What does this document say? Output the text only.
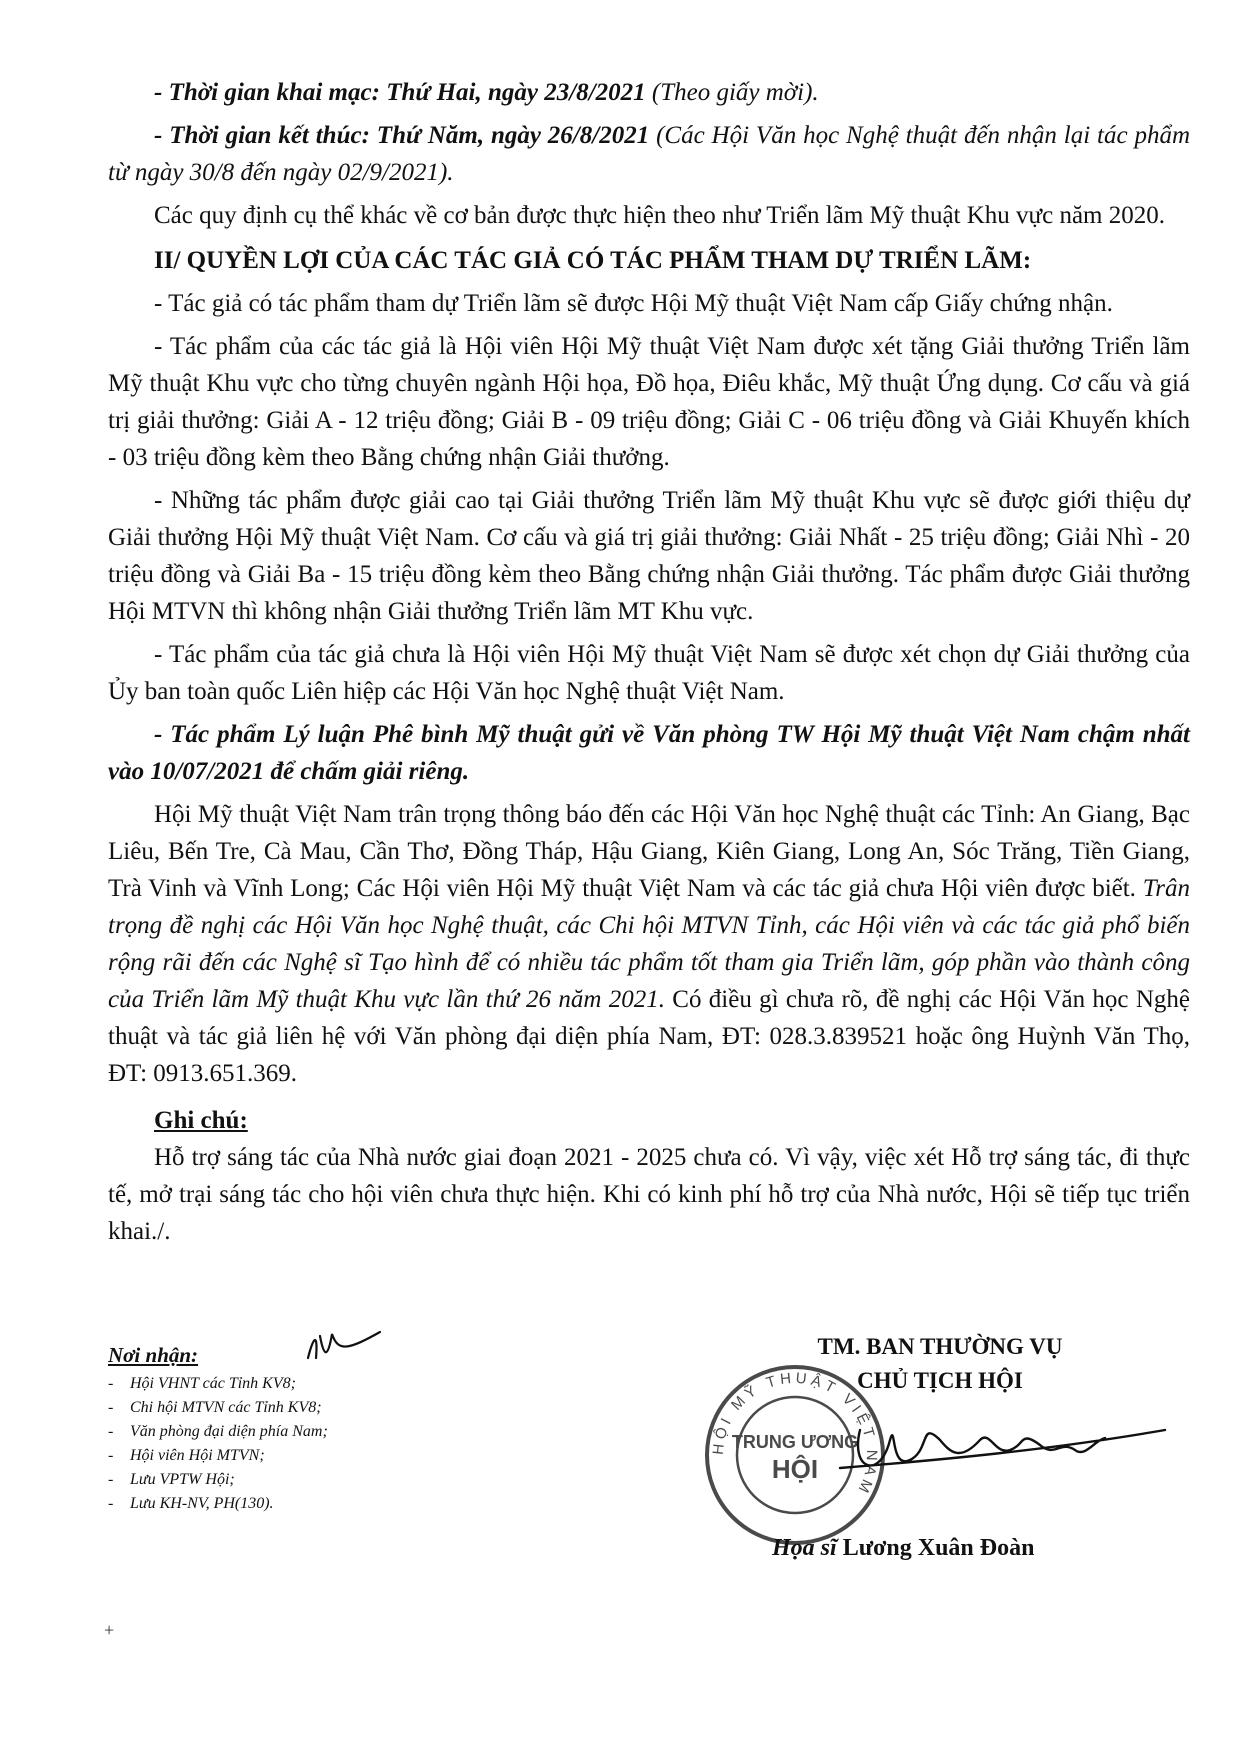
- Thời gian khai mạc: Thứ Hai, ngày 23/8/2021 (Theo giấy mời).

- Thời gian kết thúc: Thứ Năm, ngày 26/8/2021 (Các Hội Văn học Nghệ thuật đến nhận lại tác phẩm từ ngày 30/8 đến ngày 02/9/2021).

Các quy định cụ thể khác về cơ bản được thực hiện theo như Triển lãm Mỹ thuật Khu vực năm 2020.

II/ QUYỀN LỢI CỦA CÁC TÁC GIẢ CÓ TÁC PHẨM THAM DỰ TRIỂN LÃM:

- Tác giả có tác phẩm tham dự Triển lãm sẽ được Hội Mỹ thuật Việt Nam cấp Giấy chứng nhận.

- Tác phẩm của các tác giả là Hội viên Hội Mỹ thuật Việt Nam được xét tặng Giải thưởng Triển lãm Mỹ thuật Khu vực cho từng chuyên ngành Hội họa, Đồ họa, Điêu khắc, Mỹ thuật Ứng dụng. Cơ cấu và giá trị giải thưởng: Giải A - 12 triệu đồng; Giải B - 09 triệu đồng; Giải C - 06 triệu đồng và Giải Khuyến khích - 03 triệu đồng kèm theo Bằng chứng nhận Giải thưởng.

- Những tác phẩm được giải cao tại Giải thưởng Triển lãm Mỹ thuật Khu vực sẽ được giới thiệu dự Giải thưởng Hội Mỹ thuật Việt Nam. Cơ cấu và giá trị giải thưởng: Giải Nhất - 25 triệu đồng; Giải Nhì - 20 triệu đồng và Giải Ba - 15 triệu đồng kèm theo Bằng chứng nhận Giải thưởng. Tác phẩm được Giải thưởng Hội MTVN thì không nhận Giải thưởng Triển lãm MT Khu vực.

- Tác phẩm của tác giả chưa là Hội viên Hội Mỹ thuật Việt Nam sẽ được xét chọn dự Giải thưởng của Ủy ban toàn quốc Liên hiệp các Hội Văn học Nghệ thuật Việt Nam.

- Tác phẩm Lý luận Phê bình Mỹ thuật gửi về Văn phòng TW Hội Mỹ thuật Việt Nam chậm nhất vào 10/07/2021 để chấm giải riêng.

Hội Mỹ thuật Việt Nam trân trọng thông báo đến các Hội Văn học Nghệ thuật các Tỉnh: An Giang, Bạc Liêu, Bến Tre, Cà Mau, Cần Thơ, Đồng Tháp, Hậu Giang, Kiên Giang, Long An, Sóc Trăng, Tiền Giang, Trà Vinh và Vĩnh Long; Các Hội viên Hội Mỹ thuật Việt Nam và các tác giả chưa Hội viên được biết. Trân trọng đề nghị các Hội Văn học Nghệ thuật, các Chi hội MTVN Tỉnh, các Hội viên và các tác giả phổ biến rộng rãi đến các Nghệ sĩ Tạo hình để có nhiều tác phẩm tốt tham gia Triển lãm, góp phần vào thành công của Triển lãm Mỹ thuật Khu vực lần thứ 26 năm 2021. Có điều gì chưa rõ, đề nghị các Hội Văn học Nghệ thuật và tác giả liên hệ với Văn phòng đại diện phía Nam, ĐT: 028.3.839521 hoặc ông Huỳnh Văn Thọ, ĐT: 0913.651.369.

Ghi chú:

Hỗ trợ sáng tác của Nhà nước giai đoạn 2021 - 2025 chưa có. Vì vậy, việc xét Hỗ trợ sáng tác, đi thực tế, mở trại sáng tác cho hội viên chưa thực hiện. Khi có kinh phí hỗ trợ của Nhà nước, Hội sẽ tiếp tục triển khai./.

Nơi nhận:
- Hội VHNT các Tỉnh KV8;
- Chi hội MTVN các Tỉnh KV8;
- Văn phòng đại diện phía Nam;
- Hội viên Hội MTVN;
- Lưu VPTW Hội;
- Lưu KH-NV, PH(130).
HỘI MỸ THUẬT VIỆT NAM
TRUNG ƯƠNG
HỘI
TM. BAN THƯỜNG VỤ
CHỦ TỊCH HỘI
Họa sĩ Lương Xuân Đoàn
+
